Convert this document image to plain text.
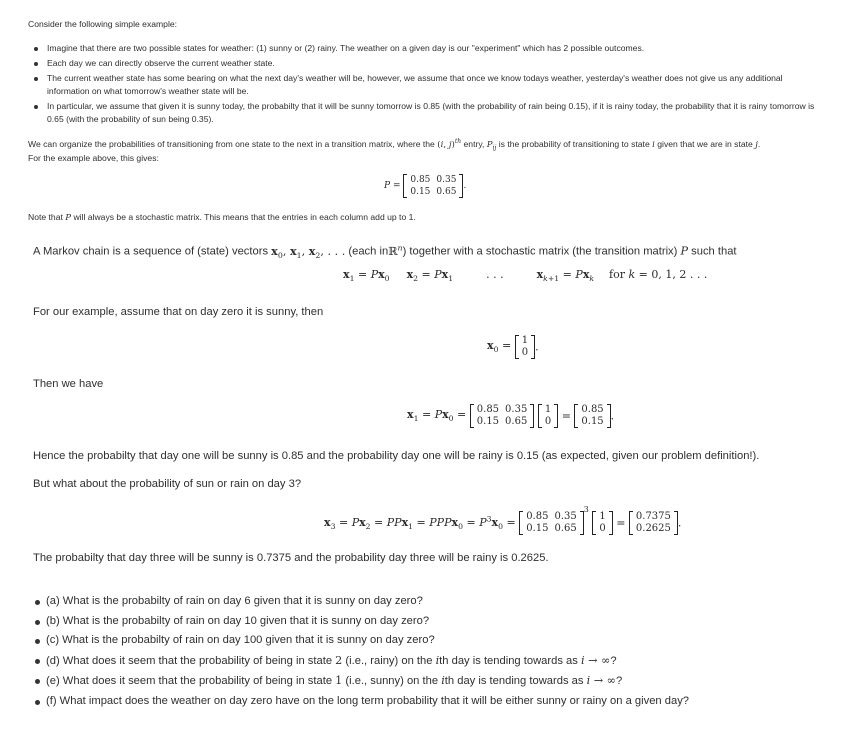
Consider the following simple example:
Imagine that there are two possible states for weather: (1) sunny or (2) rainy. The weather on a given day is our "experiment" which has 2 possible outcomes.
Each day we can directly observe the current weather state.
The current weather state has some bearing on what the next day's weather will be, however, we assume that once we know todays weather, yesterday's weather does not give us any additional information on what tomorrow's weather state will be.
In particular, we assume that given it is sunny today, the probabilty that it will be sunny tomorrow is 0.85 (with the probability of rain being 0.15), if it is rainy today, the probability that it is rainy tomorrow is 0.65 (with the probability of sun being 0.35).
We can organize the probabilities of transitioning from one state to the next in a transition matrix, where the (i, j)$^{th}$ entry, $P_{ij}$ is the probability of transitioning to state i given that we are in state j.
For the example above, this gives:
P =
0.85	0.35
0.15	0.65
.
Note that P will always be a stochastic matrix. This means that the entries in each column add up to 1.
A Markov chain is a sequence of (state) vectors $x_0$, $x_1$, $x_2$, . . . (each inℝ$^n$) together with a stochastic matrix (the transition matrix) P such that
$x_1 = Px_0$ $x_2 = Px_1$	. . .	$x_{k+1} = Px_k$ for k = 0, 1, 2 . . .
For our example, assume that on day zero it is sunny, then
$x_0 = 1$
0 .
Then we have
$x_1 = Px_0 = 0.85$	0.35
0.15	0.65

1
0 = 0.85
0.15 .
Hence the probabilty that day one will be sunny is 0.85 and the probability day one will be rainy is 0.15 (as expected, given our problem definition!).
But what about the probability of sun or rain on day 3?
$x_3 = Px_2 = PPx_1$ = PPPx$_0$ = $P^3x_0 = 0.85$	0.35
0.15	0.65
$^3$
1
0 = 0.7375
0.2625 .
The probabilty that day three will be sunny is 0.7375 and the probability day three will be rainy is 0.2625.
(a) What is the probabilty of rain on day 6 given that it is sunny on day zero?
(b) What is the probabilty of rain on day 10 given that it is sunny on day zero?
(c) What is the probabilty of rain on day 100 given that it is sunny on day zero?
(d) What does it seem that the probability of being in state 2 (i.e., rainy) on the ith day is tending towards as i → ∞?
(e) What does it seem that the probability of being in state 1 (i.e., sunny) on the ith day is tending towards as i → ∞?
(f) What impact does the weather on day zero have on the long term probability that it will be either sunny or rainy on a given day?
